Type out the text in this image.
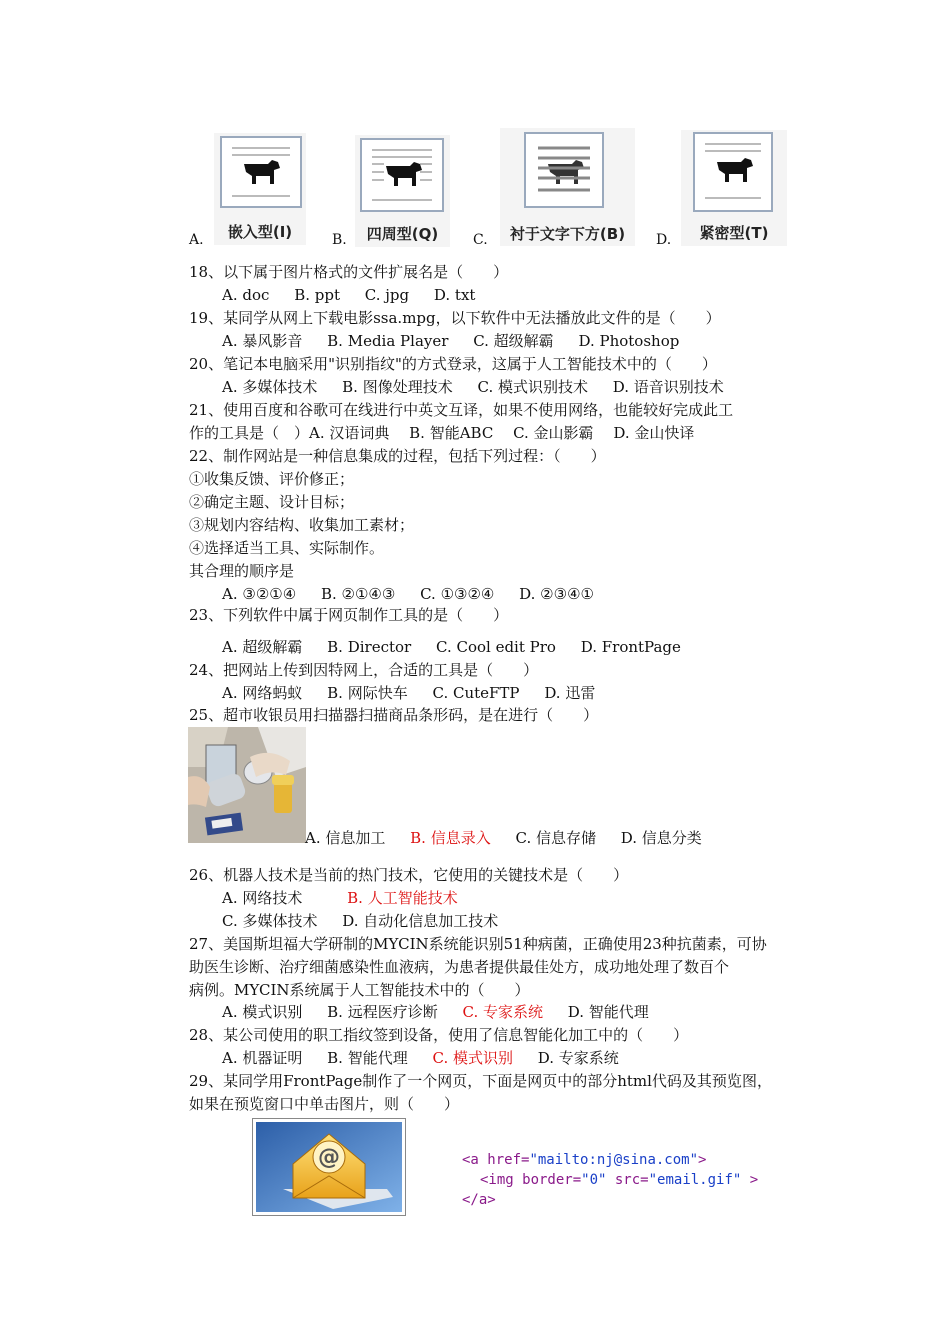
A.	嵌入型(I)	B.	四周型(Q)	C.	衬于文字下方(B)	D.	紧密型(T)
18、以下属于图片格式的文件扩展名是（　　）
A. doc B. ppt C. jpg D. txt
19、某同学从网上下载电影ssa.mpg，以下软件中无法播放此文件的是（　　）
A. 暴风影音 B. Media Player C. 超级解霸 D. Photoshop
20、笔记本电脑采用"识别指纹"的方式登录，这属于人工智能技术中的（　　）
A. 多媒体技术 B. 图像处理技术 C. 模式识别技术 D. 语音识别技术
21、使用百度和谷歌可在线进行中英文互译，如果不使用网络，也能较好完成此工
作的工具是（　）A. 汉语词典　 B. 智能ABC　 C. 金山影霸　 D. 金山快译
22、制作网站是一种信息集成的过程，包括下列过程：（　　）
①收集反馈、评价修正；
②确定主题、设计目标；
③规划内容结构、收集加工素材；
④选择适当工具、实际制作。
其合理的顺序是
A. ③②①④ B. ②①④③ C. ①③②④ D. ②③④①
23、下列软件中属于网页制作工具的是（　　）
A. 超级解霸 B. Director C. Cool edit Pro D. FrontPage
24、把网站上传到因特网上，合适的工具是（　　）
A. 网络蚂蚁 B. 网际快车 C. CuteFTP D. 迅雷
25、超市收银员用扫描器扫描商品条形码，是在进行（　　）
A. 信息加工 B. 信息录入 C. 信息存储 D. 信息分类
26、机器人技术是当前的热门技术，它使用的关键技术是（　　）
A. 网络技术	B. 人工智能技术
C. 多媒体技术 D. 自动化信息加工技术
27、美国斯坦福大学研制的MYCIN系统能识别51种病菌，正确使用23种抗菌素，可协
助医生诊断、治疗细菌感染性血液病，为患者提供最佳处方，成功地处理了数百个
病例。MYCIN系统属于人工智能技术中的（　　）
A. 模式识别 B. 远程医疗诊断 C. 专家系统 D. 智能代理
28、某公司使用的职工指纹签到设备，使用了信息智能化加工中的（　　）
A. 机器证明 B. 智能代理 C. 模式识别 D. 专家系统
29、某同学用FrontPage制作了一个网页，下面是网页中的部分html代码及其预览图，
如果在预览窗口中单击图片，则（　　）
@	<a href="mailto:nj@sina.com">
<img border="0" src="email.gif" >
</a>
